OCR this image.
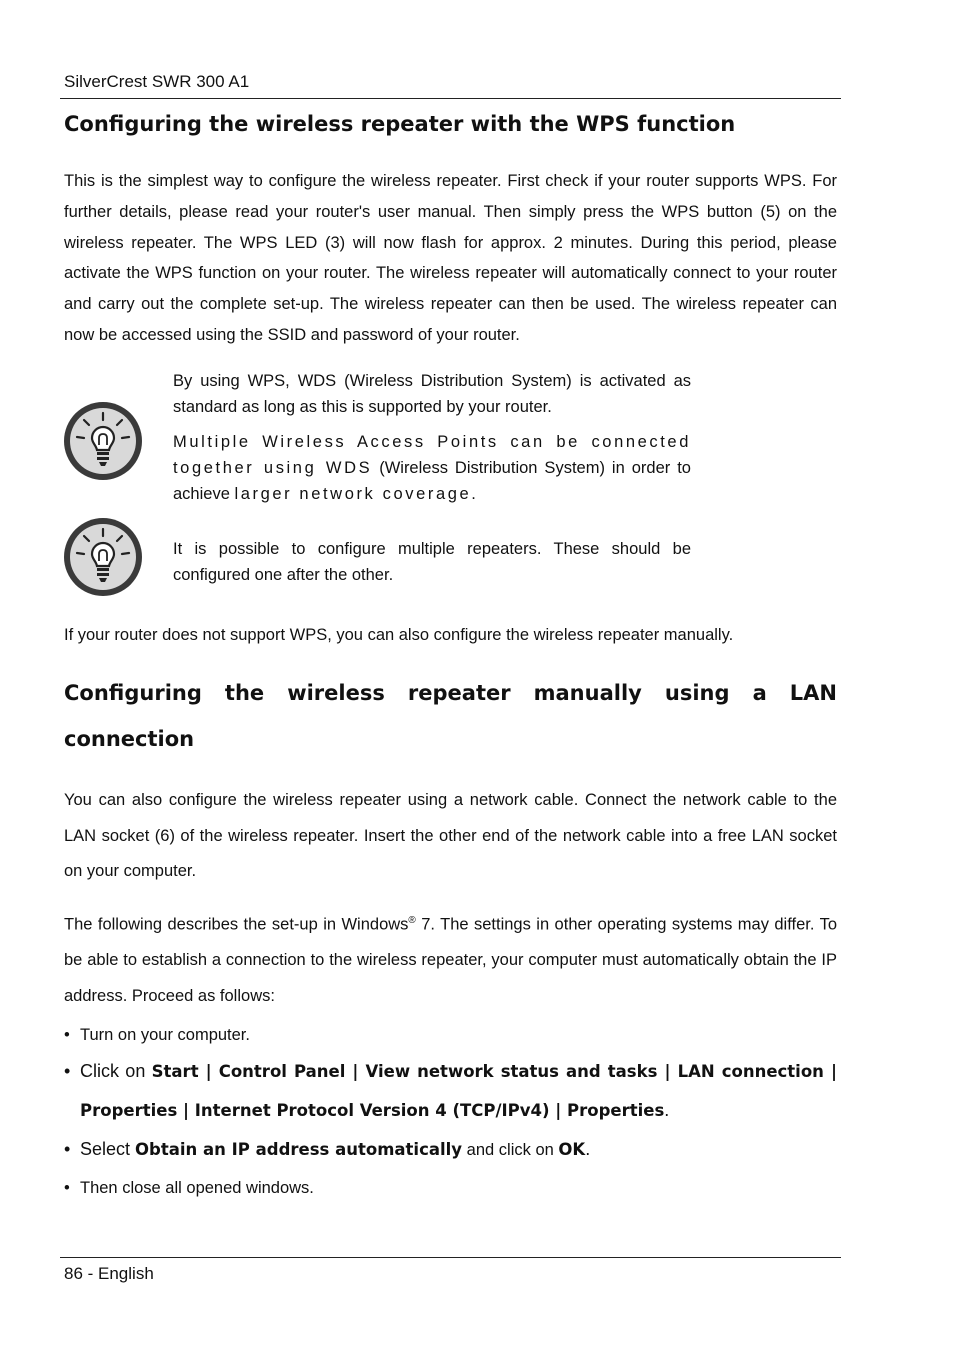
SilverCrest SWR 300 A1
Configuring the wireless repeater with the WPS function

This is the simplest way to configure the wireless repeater. First check if your router supports WPS. For further details, please read your router's user manual. Then simply press the WPS button (5) on the wireless repeater. The WPS LED (3) will now flash for approx. 2 minutes. During this period, please activate the WPS function on your router. The wireless repeater will automatically connect to your router and carry out the complete set-up. The wireless repeater can then be used. The wireless repeater can now be accessed using the SSID and password of your router.

By using WPS, WDS (Wireless Distribution System) is activated as standard as long as this is supported by your router.
Multiple Wireless Access Points can be connected together using WDS (Wireless Distribution System) in order to achieve larger network coverage.
It is possible to configure multiple repeaters. These should be configured one after the other.

If your router does not support WPS, you can also configure the wireless repeater manually.

Configuring the wireless repeater manually using a LAN connection

You can also configure the wireless repeater using a network cable. Connect the network cable to the LAN socket (6) of the wireless repeater. Insert the other end of the network cable into a free LAN socket on your computer.

The following describes the set-up in Windows® 7. The settings in other operating systems may differ. To be able to establish a connection to the wireless repeater, your computer must automatically obtain the IP address. Proceed as follows:

• Turn on your computer.
• Click on Start | Control Panel | View network status and tasks | LAN connection | Properties | Internet Protocol Version 4 (TCP/IPv4) | Properties.
• Select Obtain an IP address automatically and click on OK.
• Then close all opened windows.
86 - English
